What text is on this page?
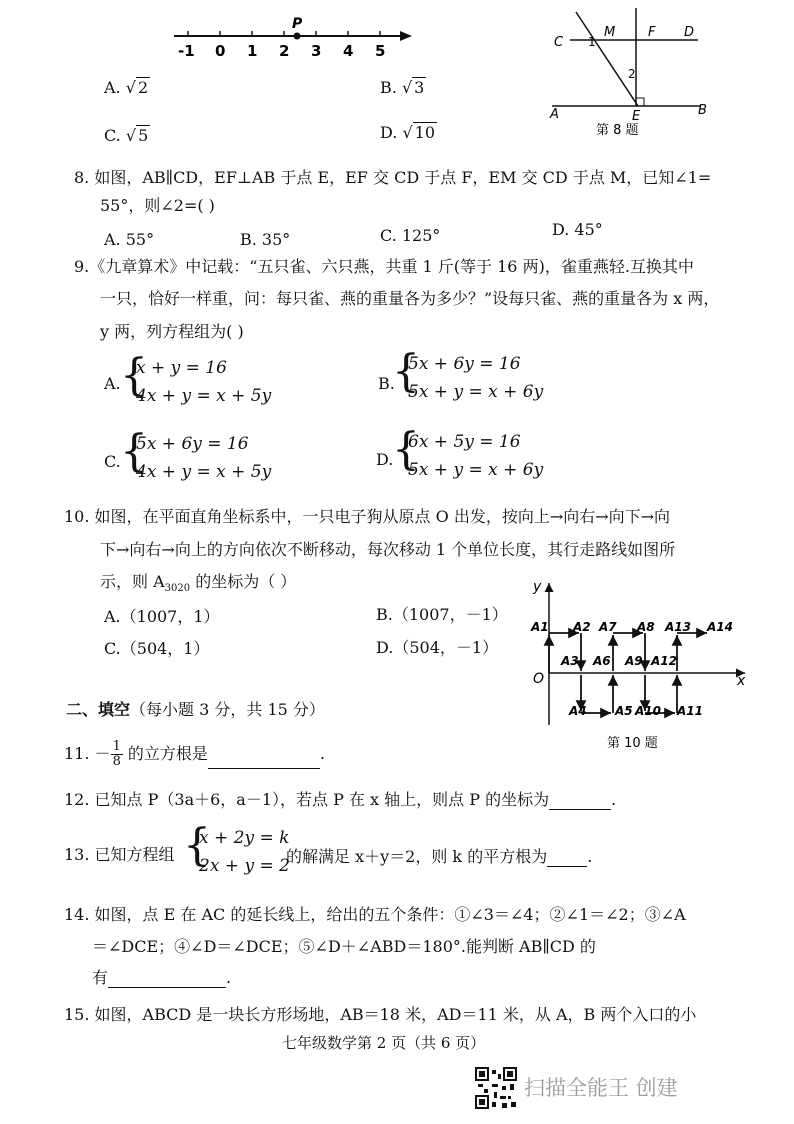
P
-1 0 1 2 3 4 5
A. √ 2	B. √ 3
C. √ 5	D. √ 10
C 1
M	F D
2
A	E	B
第 8 题
8. 如图，AB∥CD，EF⊥AB 于点 E，EF 交 CD 于点 F，EM 交 CD 于点 M，已知∠1=
55°，则∠2=( )
A. 55°	B. 35°	C. 125°	D. 45°
9.《九章算术》中记载：“五只雀、六只燕，共重 1 斤(等于 16 两)，雀重燕轻.互换其中
一只，恰好一样重，问：每只雀、燕的重量各为多少？”设每只雀、燕的重量各为 x 两，
y 两，列方程组为( )
A. {
x + y = 16
4x + y = x + 5y
B.
{
5x + 6y = 16
5x + y = x + 6y
C. {
5x + 6y = 16
4x + y = x + 5y
D.
{
6x + 5y = 16
5x + y = x + 6y
10. 如图，在平面直角坐标系中，一只电子狗从原点 O 出发，按向上→向右→向下→向
下→向右→向上的方向依次不断移动，每次移动 1 个单位长度，其行走路线如图所
示，则 $A_{3020}$ 的坐标为（ ）
A.（1007，1）	B.（1007，－1）
C.（504，1）	D.（504，－1）
y
x
O
A1 A2
A3
A4 A5
A6
A7 A8
A9
A10 A11
A12
A13 A14
第 10 题
二、填空（每小题 3 分，共 15 分）
11. － $\frac{1}{8}$ 的立方根是	.
12. 已知点 P（3a＋6，a－1），若点 P 在 x 轴上，则点 P 的坐标为	.
13. 已知方程组 {
x + 2y = k
2x + y = 2
的解满足 x＋y＝2，则 k 的平方根为	.
14. 如图，点 E 在 AC 的延长线上，给出的五个条件：①∠3＝∠4；②∠1＝∠2；③∠A
＝∠DCE；④∠D＝∠DCE；⑤∠D＋∠ABD＝180°.能判断 AB∥CD 的
有	.
15. 如图，ABCD 是一块长方形场地，AB＝18 米，AD＝11 米，从 A，B 两个入口的小
七年级数学第 2 页（共 6 页）
扫描全能王 创建
